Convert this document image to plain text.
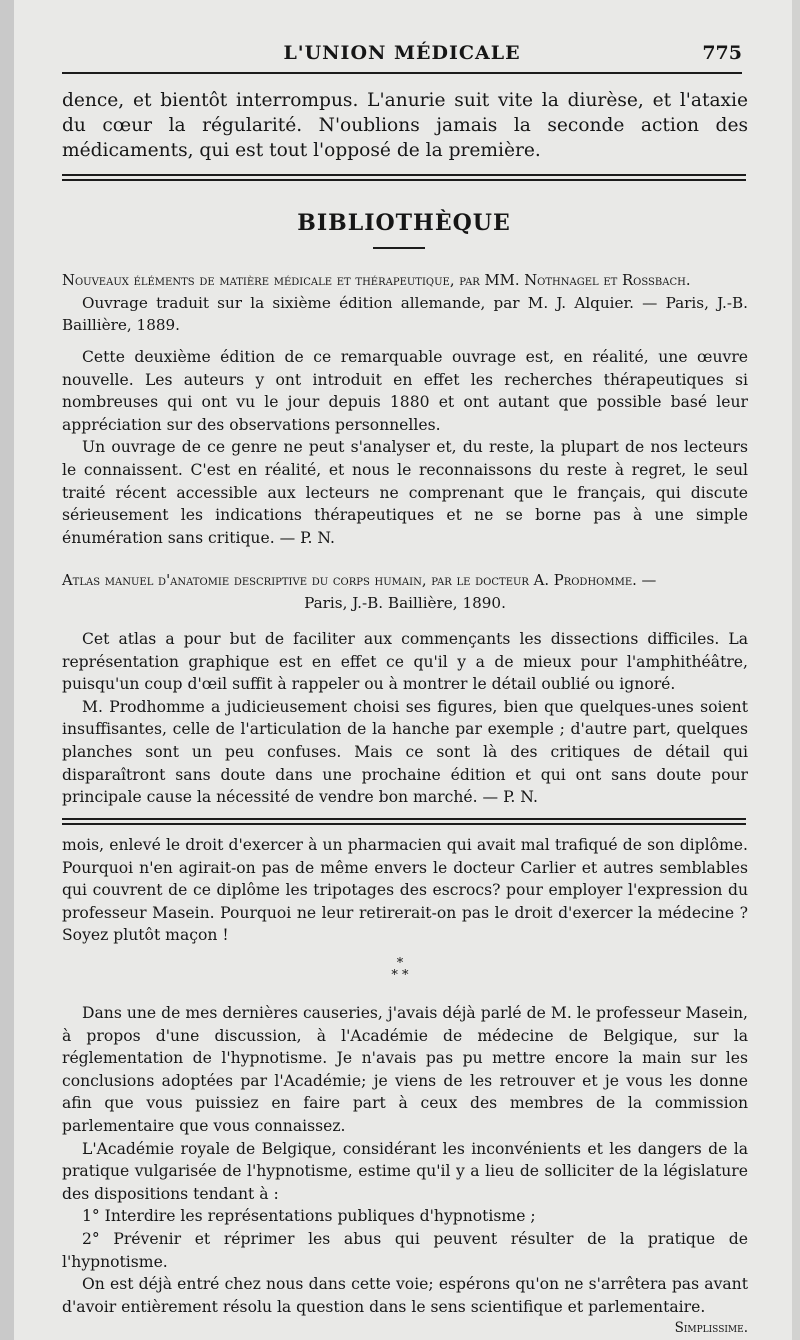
L'UNION MÉDICALE	775

dence, et bientôt interrompus. L'anurie suit vite la diurèse, et l'ataxie du cœur la régularité. N'oublions jamais la seconde action des médicaments, qui est tout l'opposé de la première.

BIBLIOTHÈQUE

Nouveaux éléments de matière médicale et thérapeutique, par MM. Nothnagel et Rossbach.

Ouvrage traduit sur la sixième édition allemande, par M. J. Alquier. — Paris, J.-B. Baillière, 1889.

Cette deuxième édition de ce remarquable ouvrage est, en réalité, une œuvre nouvelle. Les auteurs y ont introduit en effet les recherches thérapeutiques si nombreuses qui ont vu le jour depuis 1880 et ont autant que possible basé leur appréciation sur des observations personnelles.

Un ouvrage de ce genre ne peut s'analyser et, du reste, la plupart de nos lecteurs le connaissent. C'est en réalité, et nous le reconnaissons du reste à regret, le seul traité récent accessible aux lecteurs ne comprenant que le français, qui discute sérieusement les indications thérapeutiques et ne se borne pas à une simple énumération sans critique. — P. N.

Atlas manuel d'anatomie descriptive du corps humain, par le docteur A. Prodhomme. —

Paris, J.-B. Baillière, 1890.

Cet atlas a pour but de faciliter aux commençants les dissections difficiles. La représentation graphique est en effet ce qu'il y a de mieux pour l'amphithéâtre, puisqu'un coup d'œil suffit à rappeler ou à montrer le détail oublié ou ignoré.

M. Prodhomme a judicieusement choisi ses figures, bien que quelques-unes soient insuffisantes, celle de l'articulation de la hanche par exemple ; d'autre part, quelques planches sont un peu confuses. Mais ce sont là des critiques de détail qui disparaîtront sans doute dans une prochaine édition et qui ont sans doute pour principale cause la nécessité de vendre bon marché. — P. N.

mois, enlevé le droit d'exercer à un pharmacien qui avait mal trafiqué de son diplôme. Pourquoi n'en agirait-on pas de même envers le docteur Carlier et autres semblables qui couvrent de ce diplôme les tripotages des escrocs? pour employer l'expression du professeur Masein. Pourquoi ne leur retirerait-on pas le droit d'exercer la médecine ? Soyez plutôt maçon !

*
* *

Dans une de mes dernières causeries, j'avais déjà parlé de M. le professeur Masein, à propos d'une discussion, à l'Académie de médecine de Belgique, sur la réglementation de l'hypnotisme. Je n'avais pas pu mettre encore la main sur les conclusions adoptées par l'Académie; je viens de les retrouver et je vous les donne afin que vous puissiez en faire part à ceux des membres de la commission parlementaire que vous connaissez.

L'Académie royale de Belgique, considérant les inconvénients et les dangers de la pratique vulgarisée de l'hypnotisme, estime qu'il y a lieu de solliciter de la législature des dispositions tendant à :

1° Interdire les représentations publiques d'hypnotisme ;

2° Prévenir et réprimer les abus qui peuvent résulter de la pratique de l'hypnotisme.

On est déjà entré chez nous dans cette voie; espérons qu'on ne s'arrêtera pas avant d'avoir entièrement résolu la question dans le sens scientifique et parlementaire.

Simplissime.
